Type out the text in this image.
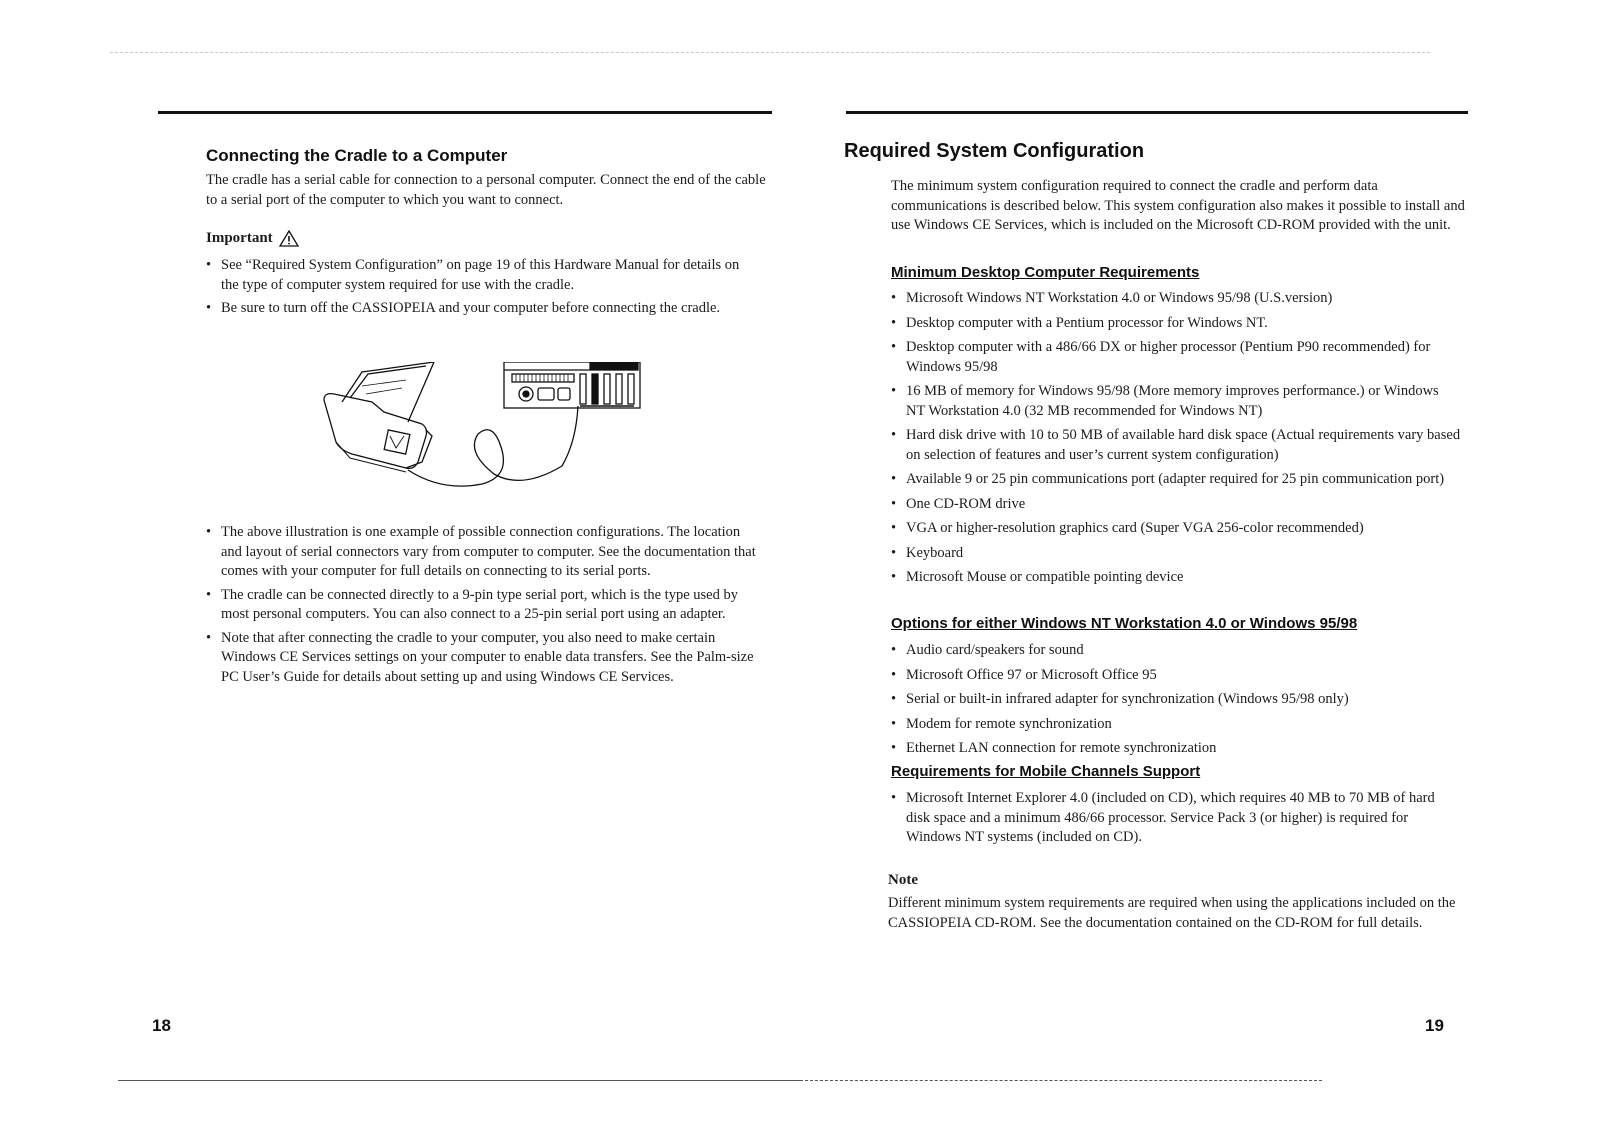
Connecting the Cradle to a Computer

The cradle has a serial cable for connection to a personal computer. Connect the end of the cable to a serial port of the computer to which you want to connect.

Important

• See “Required System Configuration” on page 19 of this Hardware Manual for details on the type of computer system required for use with the cradle.
• Be sure to turn off the CASSIOPEIA and your computer before connecting the cradle.
• The above illustration is one example of possible connection configurations. The location and layout of serial connectors vary from computer to computer. See the documentation that comes with your computer for full details on connecting to its serial ports.
• The cradle can be connected directly to a 9-pin type serial port, which is the type used by most personal computers. You can also connect to a 25-pin serial port using an adapter.
• Note that after connecting the cradle to your computer, you also need to make certain Windows CE Services settings on your computer to enable data transfers. See the Palm-size PC User’s Guide for details about setting up and using Windows CE Services.
18
Required System Configuration

The minimum system configuration required to connect the cradle and perform data communications is described below. This system configuration also makes it possible to install and use Windows CE Services, which is included on the Microsoft CD-ROM provided with the unit.

Minimum Desktop Computer Requirements
• Microsoft Windows NT Workstation 4.0 or Windows 95/98 (U.S.version)
• Desktop computer with a Pentium processor for Windows NT.
• Desktop computer with a 486/66 DX or higher processor (Pentium P90 recommended) for Windows 95/98
• 16 MB of memory for Windows 95/98 (More memory improves performance.) or Windows NT Workstation 4.0 (32 MB recommended for Windows NT)
• Hard disk drive with 10 to 50 MB of available hard disk space (Actual requirements vary based on selection of features and user’s current system configuration)
• Available 9 or 25 pin communications port (adapter required for 25 pin communication port)
• One CD-ROM drive
• VGA or higher-resolution graphics card (Super VGA 256-color recommended)
• Keyboard
• Microsoft Mouse or compatible pointing device
Options for either Windows NT Workstation 4.0 or Windows 95/98
• Audio card/speakers for sound
• Microsoft Office 97 or Microsoft Office 95
• Serial or built-in infrared adapter for synchronization (Windows 95/98 only)
• Modem for remote synchronization
• Ethernet LAN connection for remote synchronization
Requirements for Mobile Channels Support
• Microsoft Internet Explorer 4.0 (included on CD), which requires 40 MB to 70 MB of hard disk space and a minimum 486/66 processor. Service Pack 3 (or higher) is required for Windows NT systems (included on CD).

Note

Different minimum system requirements are required when using the applications included on the CASSIOPEIA CD-ROM. See the documentation contained on the CD-ROM for full details.

19
